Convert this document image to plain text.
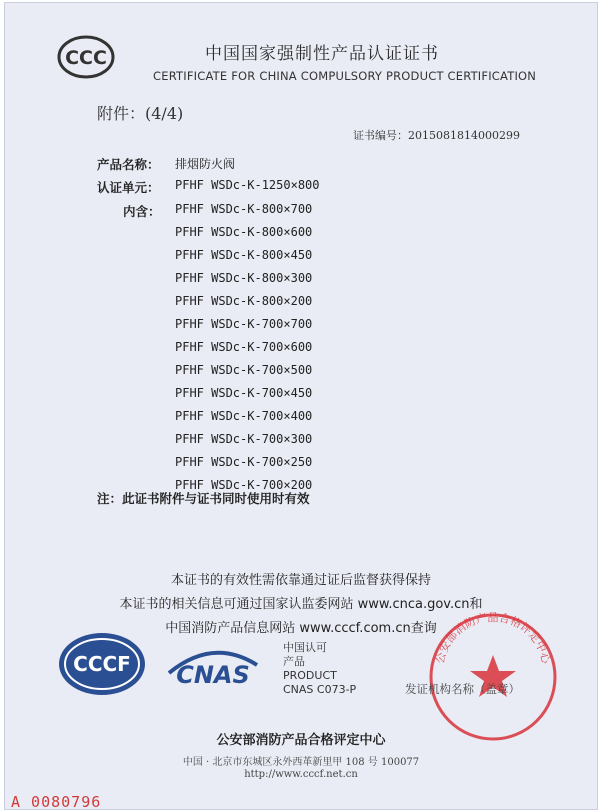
CCC	中国国家强制性产品认证证书
CERTIFICATE FOR CHINA COMPULSORY PRODUCT CERTIFICATION
附件：(4/4)
证书编号：2015081814000299
产品名称： 排烟防火阀
认证单元： PFHF WSDc-K-1250×800
内含： PFHF WSDc-K-800×700
PFHF WSDc-K-800×600
PFHF WSDc-K-800×450
PFHF WSDc-K-800×300
PFHF WSDc-K-800×200
PFHF WSDc-K-700×700
PFHF WSDc-K-700×600
PFHF WSDc-K-700×500
PFHF WSDc-K-700×450
PFHF WSDc-K-700×400
PFHF WSDc-K-700×300
PFHF WSDc-K-700×250
PFHF WSDc-K-700×200
注：此证书附件与证书同时使用时有效
本证书的有效性需依靠通过证后监督获得保持
本证书的相关信息可通过国家认监委网站 www.cnca.gov.cn和
中国消防产品信息网站 www.cccf.com.cn查询
CCCF CNAS
中国认可
产品
PRODUCT
CNAS C073-P
公安部消防产品合格评定中心
发证机构名称（盖章）
公安部消防产品合格评定中心
中国 · 北京市东城区永外西革新里甲 108 号 100077
http://www.cccf.net.cn
A 0080796
